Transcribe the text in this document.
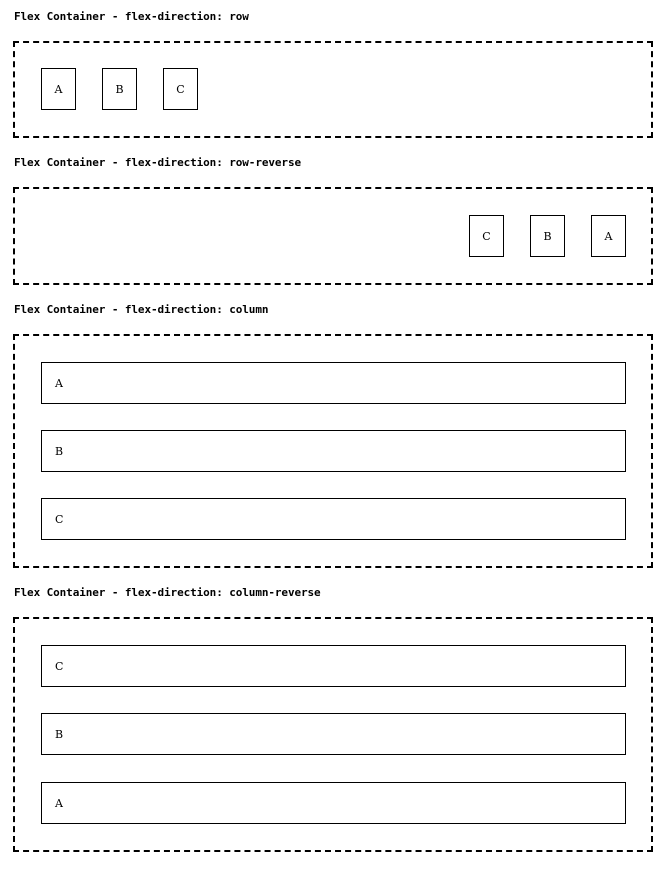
Flex Container - flex-direction: row
A	B	C
Flex Container - flex-direction: row-reverse
C	B	A
Flex Container - flex-direction: column
A
B
C
Flex Container - flex-direction: column-reverse
C
B
A
